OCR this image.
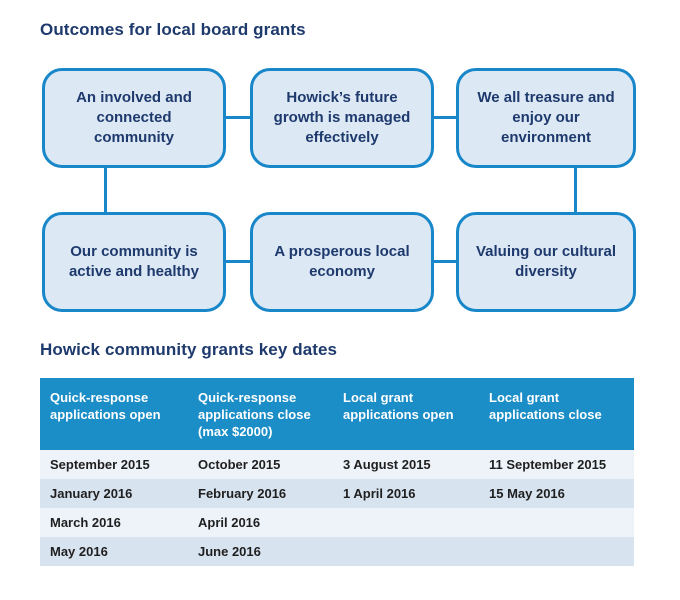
Outcomes for local board grants
An involved and connected community
Howick’s future growth is managed effectively
We all treasure and enjoy our environment
Our community is active and healthy
A prosperous local economy
Valuing our cultural diversity
Howick community grants key dates
Quick-response applications open	Quick-response applications close (max $2000)	Local grant applications open	Local grant applications close
September 2015	October 2015	3 August 2015	11 September 2015
January 2016	February 2016	1 April 2016	15 May 2016
March 2016	April 2016		
May 2016	June 2016		
